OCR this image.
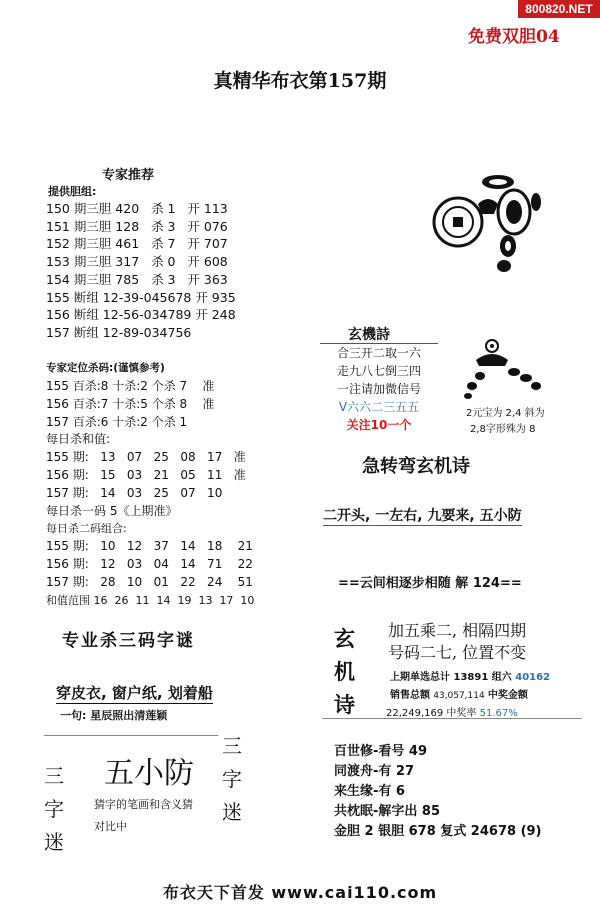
800820.NET
免费双胆04
真精华布衣第157期
专家推荐
提供胆组:
150 期三胆 420   杀 1   开 113
151 期三胆 128   杀 3   开 076
152 期三胆 461   杀 7   开 707
153 期三胆 317   杀 0   开 608
154 期三胆 785   杀 3   开 363
155 断组 12-39-045678 开 935
156 断组 12-56-034789 开 248
157 断组 12-89-034756
专家定位杀码:(谨慎参考)
155 百杀:8 十杀:2 个杀 7    准
156 百杀:7 十杀:5 个杀 8    准
157 百杀:6 十杀:2 个杀 1
每日杀和值:
155 期:   13   07   25   08   17   准
156 期:   15   03   21   05   11   准
157 期:   14   03   25   07   10
每日杀一码 5《上期准》
每日杀二码组合:
155 期:   10   12   37   14   18    21
156 期:   12   03   04   14   71    22
157 期:   28   10   01   22   24    51
和值范围 16  26  11  14  19  13  17  10
专业杀三码字谜
穿皮衣, 窗户纸, 划着船
一句: 星辰照出清莲颖
五小防
三字迷
三字迷
猜字的笔画和含义猜
对比中
玄機詩
合三开二取一六
走九八七倒三四
一注请加微信号
V六六二三五五
关注10一个
2元宝为 2,4 斜为
2,8字形殊为 8
急转弯玄机诗
二开头, 一左右, 九要来, 五小防
==云间相逐步相随 解 124==
玄机诗
加五乘二, 相隔四期
号码二七, 位置不变
上期单选总计 13891 组六 40162
销售总额 43,057,114 中奖金额
22,249,169 中奖率 51.67%
百世修-看号 49
同渡舟-有 27
来生缘-有 6
共枕眠-解字出 85
金胆 2 银胆 678 复式 24678 (9)
布衣天下首发 www.cai110.com
